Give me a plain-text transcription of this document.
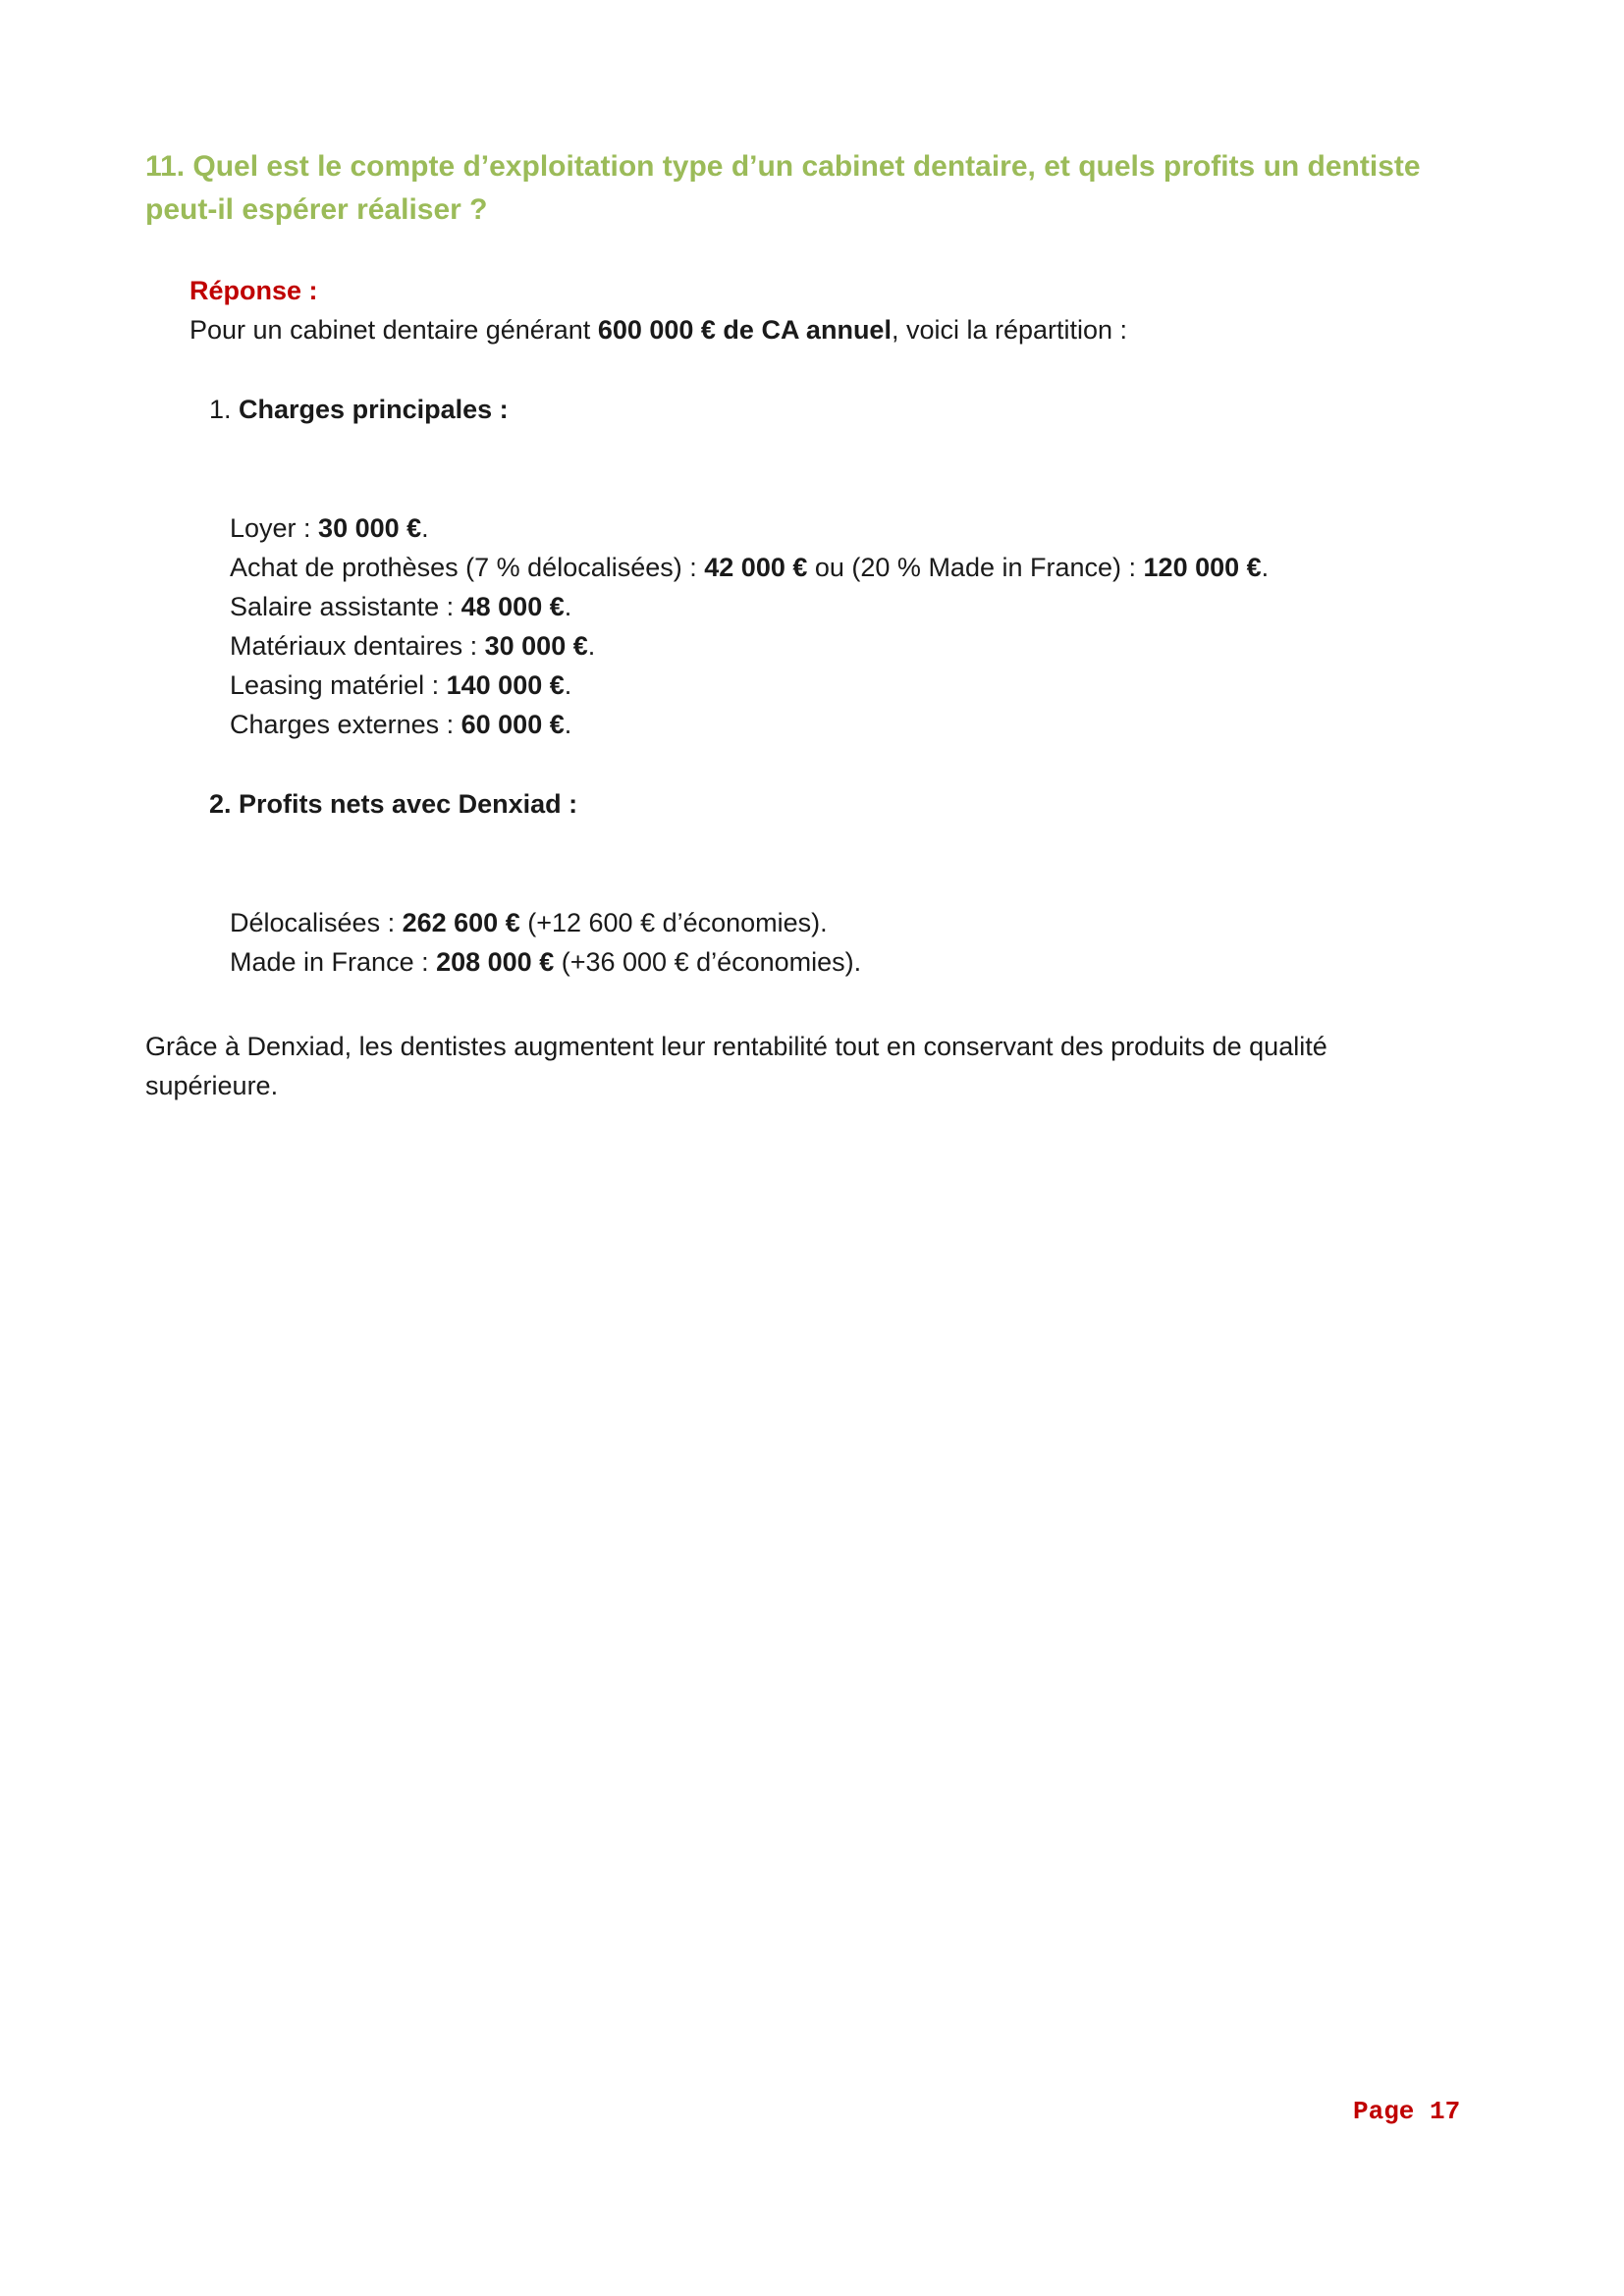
11. Quel est le compte d’exploitation type d’un cabinet dentaire, et quels profits un dentiste peut-il espérer réaliser ?
Réponse :
Pour un cabinet dentaire générant 600 000 € de CA annuel, voici la répartition :
1. Charges principales :
Loyer : 30 000 €.
Achat de prothèses (7 % délocalisées) : 42 000 € ou (20 % Made in France) : 120 000 €.
Salaire assistante : 48 000 €.
Matériaux dentaires : 30 000 €.
Leasing matériel : 140 000 €.
Charges externes : 60 000 €.
2. Profits nets avec Denxiad :
Délocalisées : 262 600 € (+12 600 € d’économies).
Made in France : 208 000 € (+36 000 € d’économies).
Grâce à Denxiad, les dentistes augmentent leur rentabilité tout en conservant des produits de qualité supérieure.
Page 17
